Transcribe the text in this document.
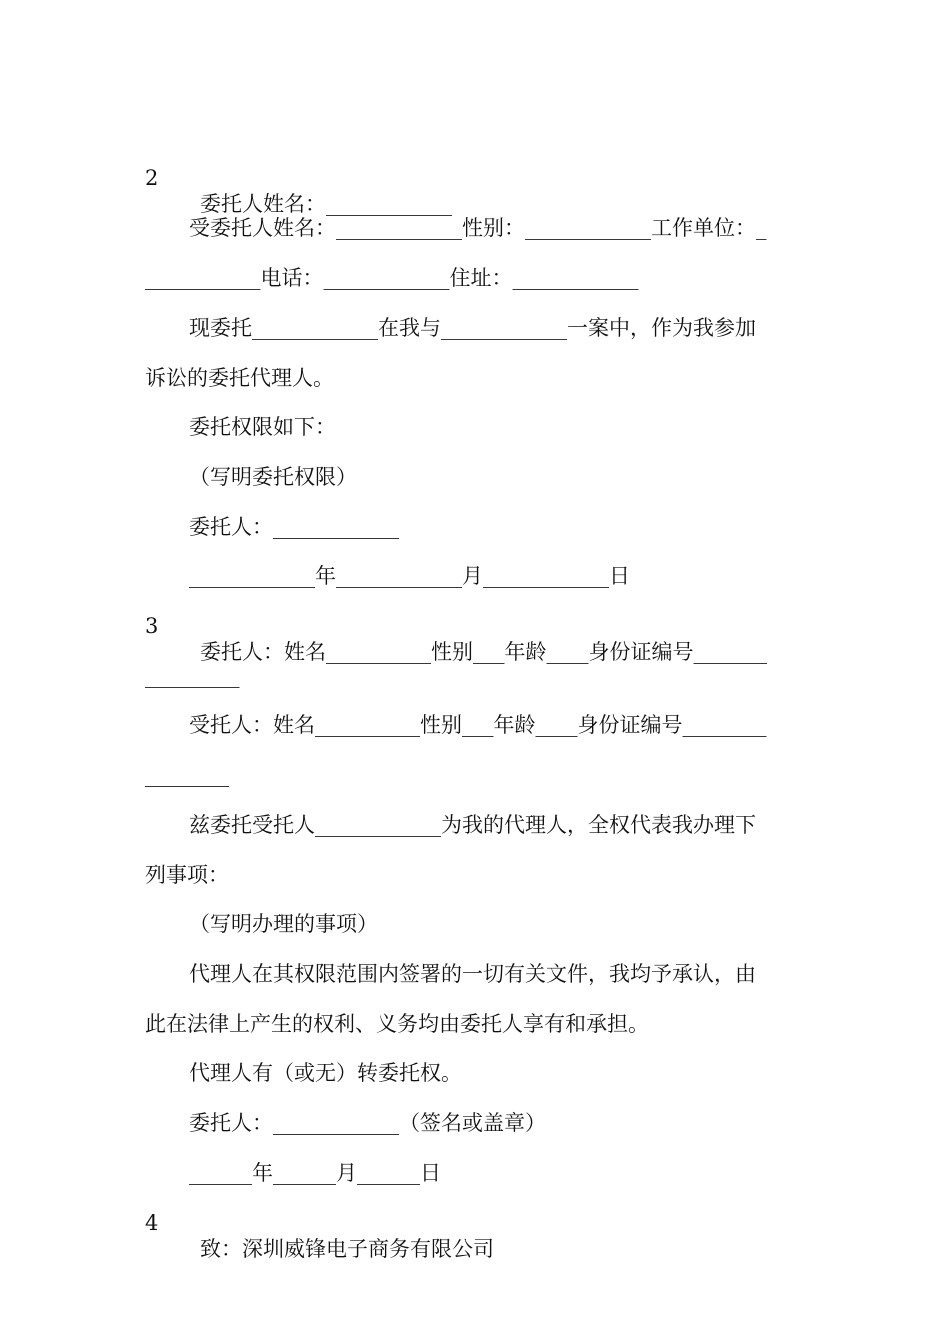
2

委托人姓名：____________

受委托人姓名：____________性别：____________工作单位：_

___________电话：____________住址：____________

现委托____________在我与____________一案中，作为我参加

诉讼的委托代理人。

委托权限如下：

（写明委托权限）

委托人：____________

____________年____________月____________日

3

委托人：姓名__________性别___年龄____身份证编号_______

_________

受托人：姓名__________性别___年龄____身份证编号________

________

兹委托受托人____________为我的代理人，全权代表我办理下

列事项：

（写明办理的事项）

代理人在其权限范围内签署的一切有关文件，我均予承认，由

此在法律上产生的权利、义务均由委托人享有和承担。

代理人有（或无）转委托权。

委托人：____________（签名或盖章）

______年______月______日

4

致：深圳威锋电子商务有限公司
